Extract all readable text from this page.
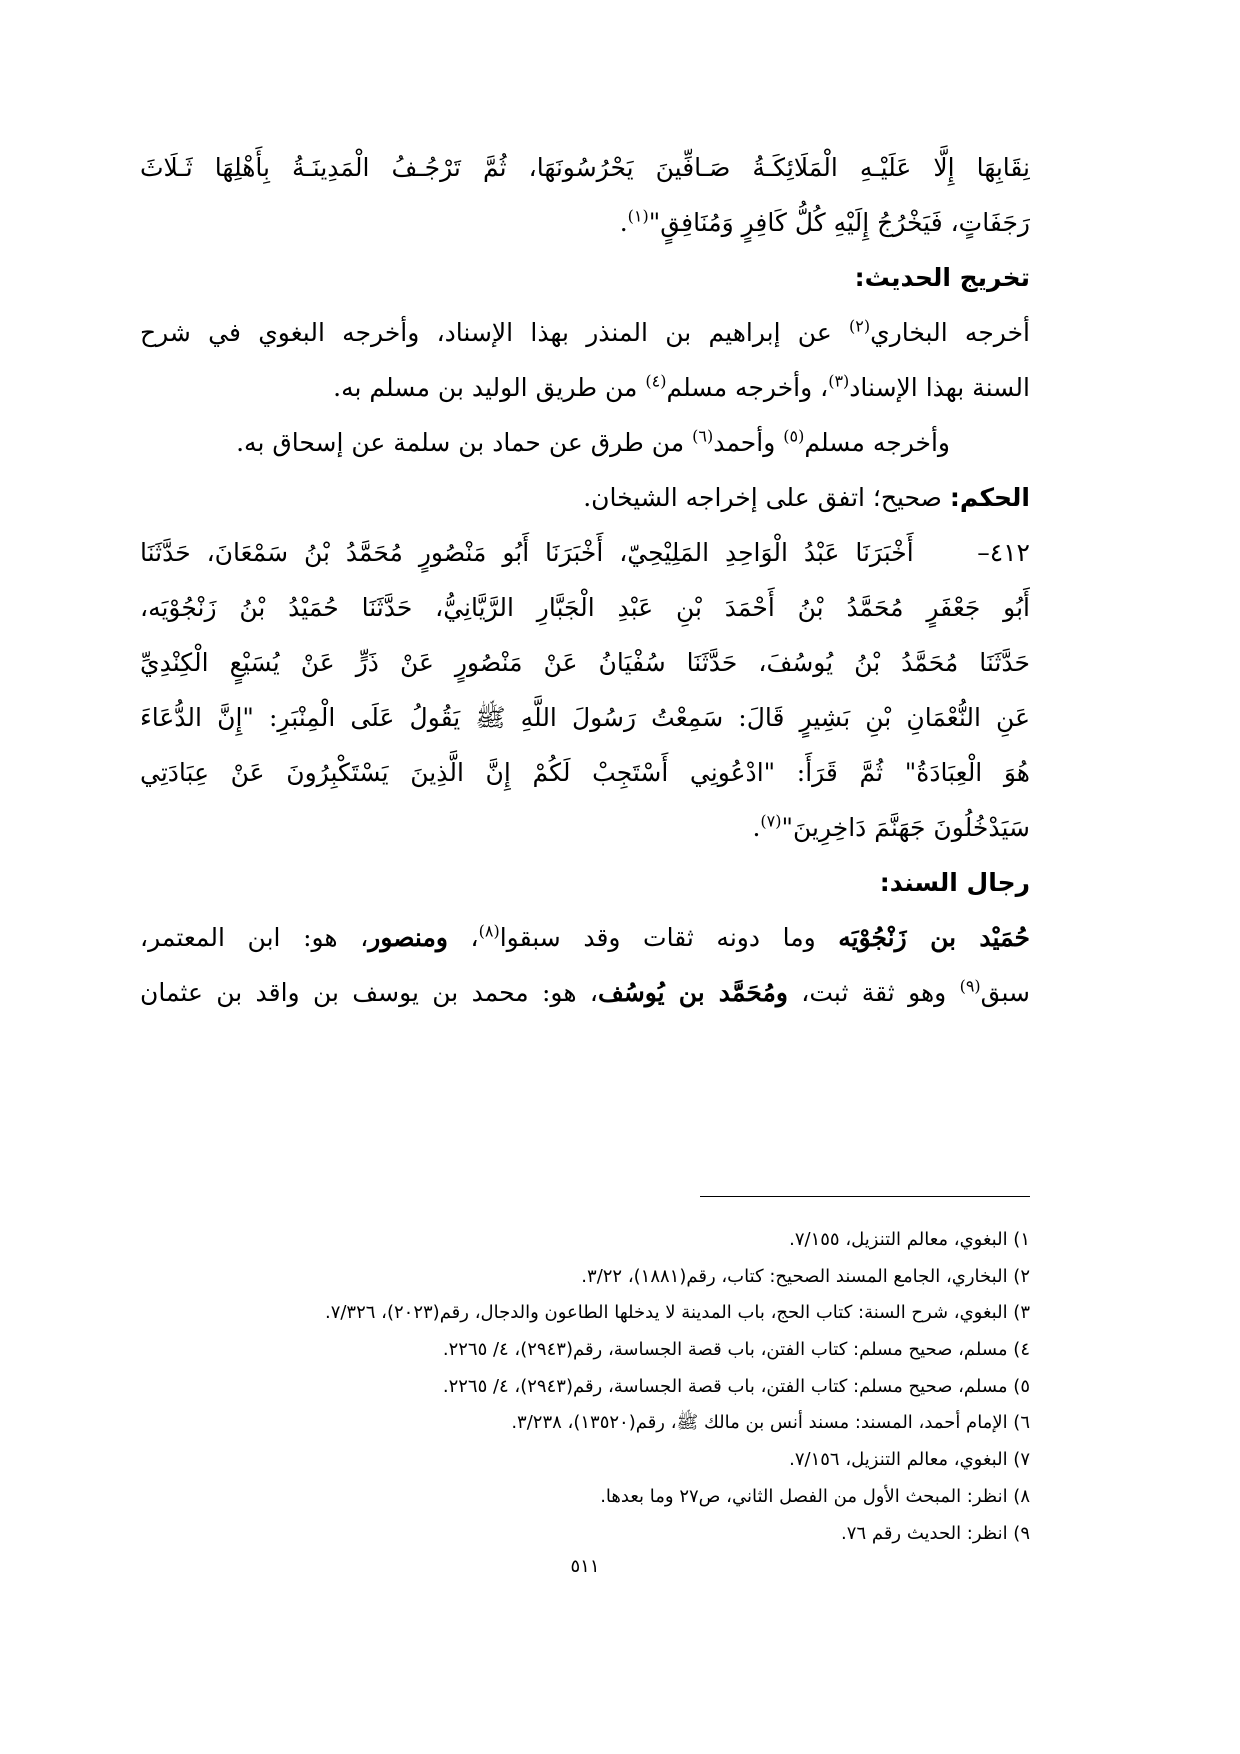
نِقَابِهَا إِلَّا عَلَيْـهِ الْمَلَائِكَـةُ صَـافِّينَ يَحْرُسُونَهَا، ثُمَّ تَرْجُـفُ الْمَدِينَـةُ بِأَهْلِهَا ثَـلَاثَ
رَجَفَاتٍ، فَيَخْرُجُ إِلَيْهِ كُلُّ كَافِرٍ وَمُنَافِقٍ"$^{(١)}$.
تخريج الحديث:
أخرجه البخاري$^{(٢)}$ عن إبراهيم بن المنذر بهذا الإسناد، وأخرجه البغوي في شرح
السنة بهذا الإسناد$^{(٣)}$، وأخرجه مسلم$^{(٤)}$ من طريق الوليد بن مسلم به.
وأخرجه مسلم$^{(٥)}$ وأحمد$^{(٦)}$ من طرق عن حماد بن سلمة عن إسحاق به.
الحكم: صحيح؛ اتفق على إخراجه الشيخان.
٤١٢–    أَخْبَرَنَا عَبْدُ الْوَاحِدِ المَلِيْحِيّ، أَخْبَرَنَا أَبُو مَنْصُورٍ مُحَمَّدُ بْنُ سَمْعَانَ، حَدَّثَنَا
أَبُو جَعْفَرٍ مُحَمَّدُ بْنُ أَحْمَدَ بْنِ عَبْدِ الْجَبَّارِ الرَّيَّانِيُّ، حَدَّثَنَا حُمَيْدُ بْنُ زَنْجُوْيَه،
حَدَّثَنَا مُحَمَّدُ بْنُ يُوسُفَ، حَدَّثَنَا سُفْيَانُ عَنْ مَنْصُورٍ عَنْ ذَرٍّ عَنْ يُسَيْعٍ الْكِنْدِيِّ
عَنِ النُّعْمَانِ بْنِ بَشِيرٍ قَالَ: سَمِعْتُ رَسُولَ اللَّهِ ﷺ يَقُولُ عَلَى الْمِنْبَرِ: "إِنَّ الدُّعَاءَ
هُوَ الْعِبَادَةُ" ثُمَّ قَرَأَ: "ادْعُونِي أَسْتَجِبْ لَكُمْ إِنَّ الَّذِينَ يَسْتَكْبِرُونَ عَنْ عِبَادَتِي
سَيَدْخُلُونَ جَهَنَّمَ دَاخِرِينَ"$^{(٧)}$.
رجال السند:
حُمَيْد بن زَنْجُوْيَه وما دونه ثقات وقد سبقوا$^{(٨)}$، ومنصور، هو: ابن المعتمر،
سبق$^{(٩)}$ وهو ثقة ثبت، ومُحَمَّد بن يُوسُف، هو: محمد بن يوسف بن واقد بن عثمان
١) البغوي، معالم التنزيل، ٧/١٥٥.
٢) البخاري، الجامع المسند الصحيح: كتاب، رقم(١٨٨١)، ٣/٢٢.
٣) البغوي، شرح السنة: كتاب الحج، باب المدينة لا يدخلها الطاعون والدجال، رقم(٢٠٢٣)، ٧/٣٢٦.
٤) مسلم، صحيح مسلم: كتاب الفتن، باب قصة الجساسة، رقم(٢٩٤٣)، ٤/ ٢٢٦٥.
٥) مسلم، صحيح مسلم: كتاب الفتن، باب قصة الجساسة، رقم(٢٩٤٣)، ٤/ ٢٢٦٥.
٦) الإمام أحمد، المسند: مسند أنس بن مالك ﷺ، رقم(١٣٥٢٠)، ٣/٢٣٨.
٧) البغوي، معالم التنزيل، ٧/١٥٦.
٨) انظر: المبحث الأول من الفصل الثاني، ص٢٧ وما بعدها.
٩) انظر: الحديث رقم ٧٦.
٥١١
